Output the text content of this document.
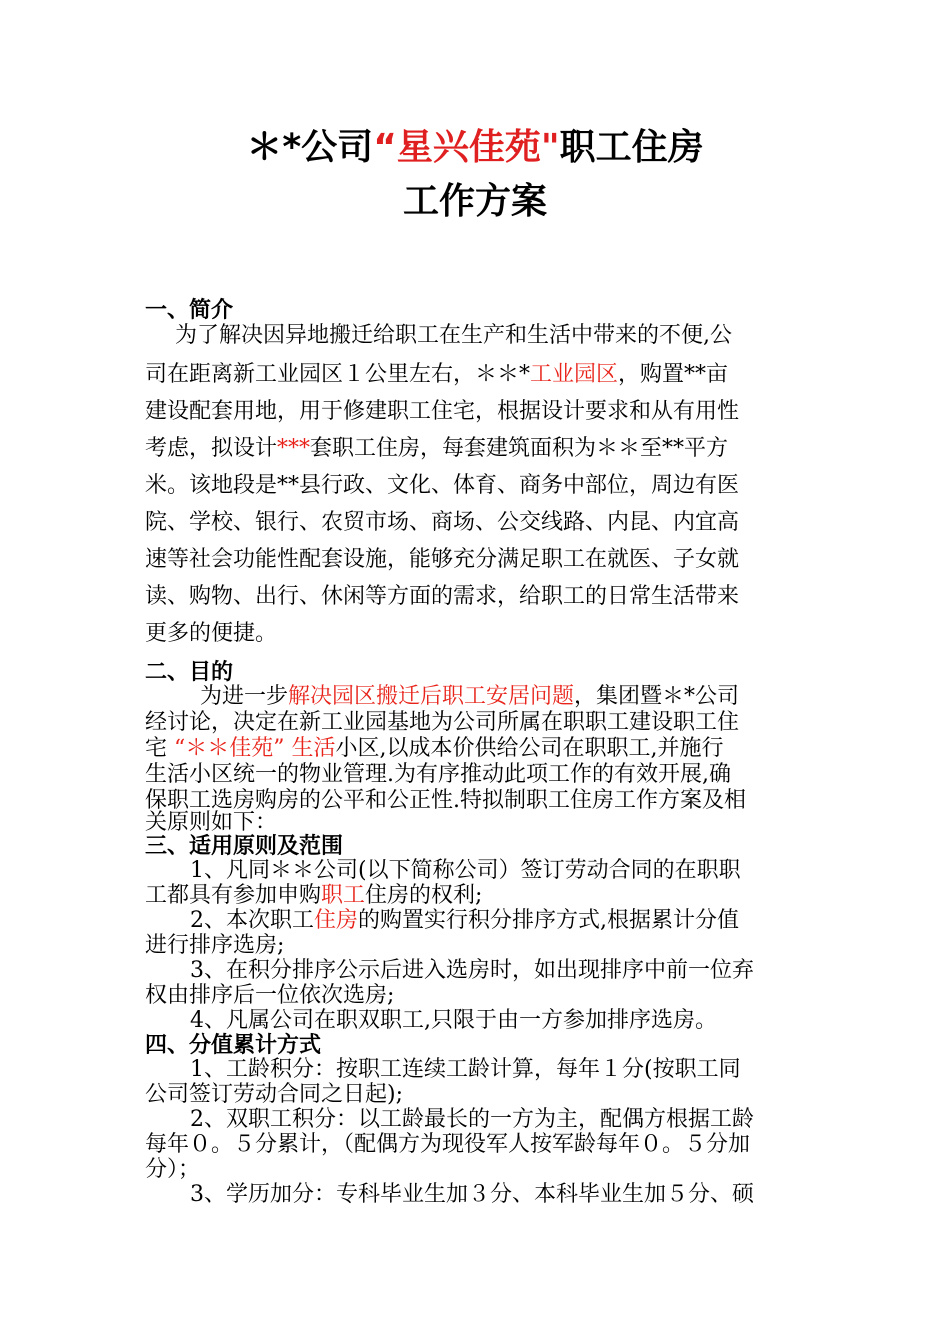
＊*公司“星兴佳苑"职工住房
工作方案
一、简介
为了解决因异地搬迁给职工在生产和生活中带来的不便,公
司在距离新工业园区１公里左右，＊＊*工业园区，购置**亩
建设配套用地，用于修建职工住宅，根据设计要求和从有用性
考虑，拟设计***套职工住房，每套建筑面积为＊＊至**平方
米。该地段是**县行政、文化、体育、商务中部位，周边有医
院、学校、银行、农贸市场、商场、公交线路、内昆、内宜高
速等社会功能性配套设施，能够充分满足职工在就医、子女就
读、购物、出行、休闲等方面的需求，给职工的日常生活带来
更多的便捷。
二、目的
为进一步解决园区搬迁后职工安居问题，集团暨＊*公司
经讨论，决定在新工业园基地为公司所属在职职工建设职工住
宅 “＊＊佳苑” 生活小区,以成本价供给公司在职职工,并施行
生活小区统一的物业管理.为有序推动此项工作的有效开展,确
保职工选房购房的公平和公正性.特拟制职工住房工作方案及相
关原则如下：
三、适用原则及范围
1、凡同＊＊公司(以下简称公司）签订劳动合同的在职职
工都具有参加申购职工住房的权利;
2、本次职工住房的购置实行积分排序方式,根据累计分值
进行排序选房;
3、在积分排序公示后进入选房时，如出现排序中前一位弃
权由排序后一位依次选房;
4、凡属公司在职双职工,只限于由一方参加排序选房。
四、分值累计方式
1、工龄积分：按职工连续工龄计算，每年１分(按职工同
公司签订劳动合同之日起);
2、双职工积分：以工龄最长的一方为主，配偶方根据工龄
每年０。５分累计，（配偶方为现役军人按军龄每年０。５分加
分）；
3、学历加分：专科毕业生加３分、本科毕业生加５分、硕
